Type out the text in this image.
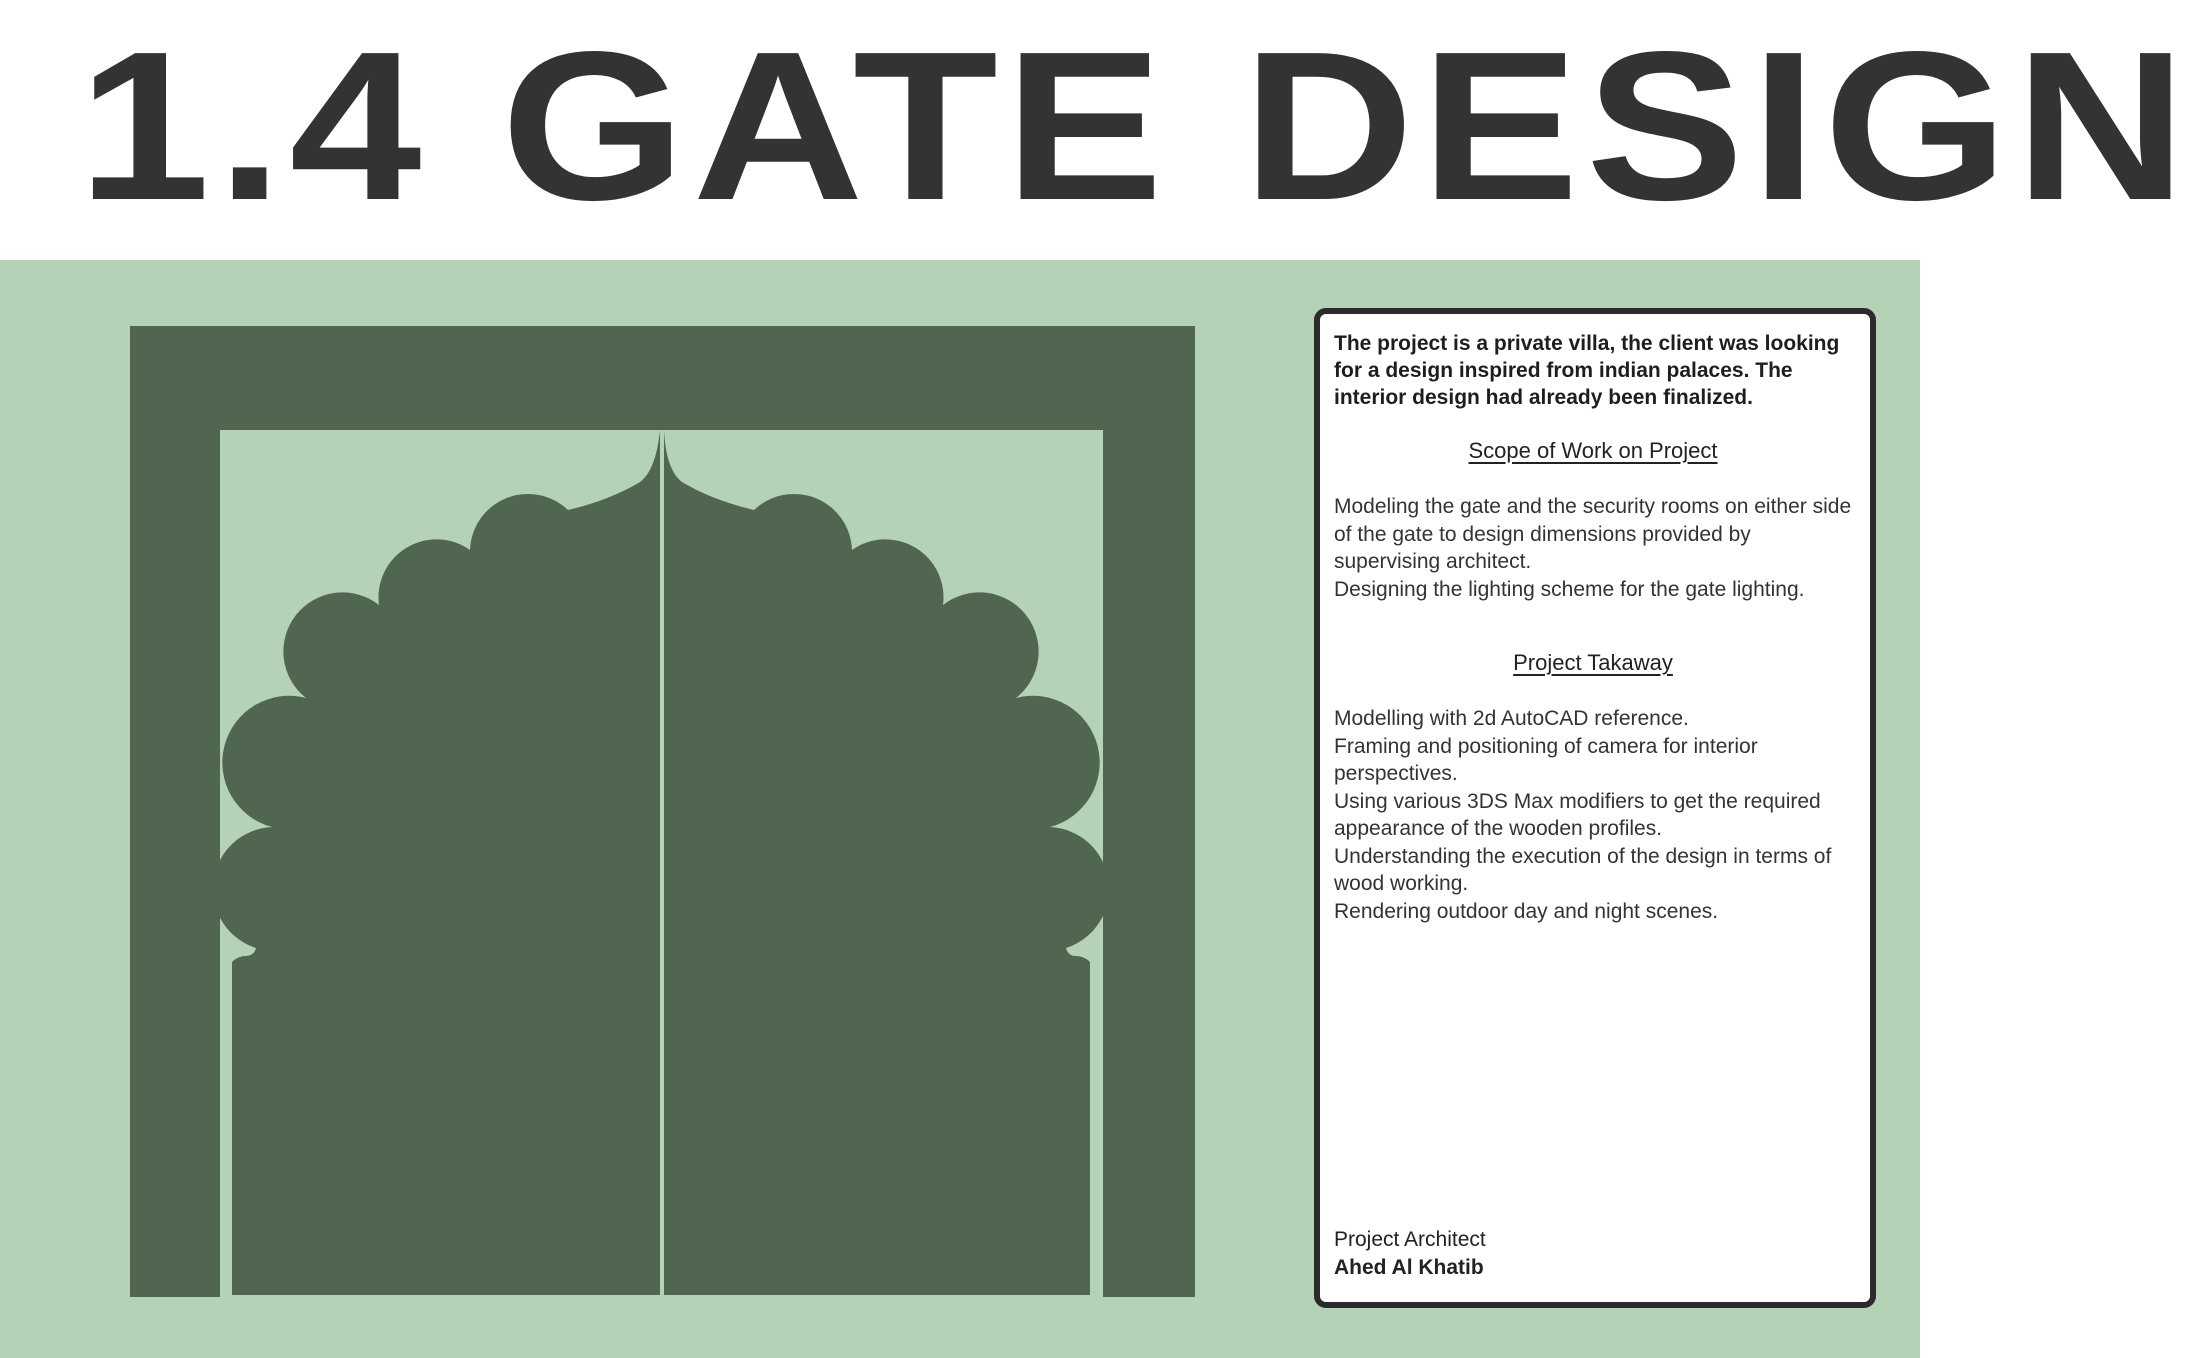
1.4 GATE DESIGN

The project is a private villa, the client was looking for a design inspired from indian palaces. The interior design had already been finalized.

Scope of Work on Project
Modeling the gate and the security rooms on either side of the gate to design dimensions provided by supervising architect.
Designing the lighting scheme for the gate lighting.
Project Takaway
Modelling with 2d AutoCAD reference.
Framing and positioning of camera for interior perspectives.
Using various 3DS Max modifiers to get the required appearance of the wooden profiles.
Understanding the execution of the design in terms of wood working.
Rendering outdoor day and night scenes.
Project Architect
Ahed Al Khatib
